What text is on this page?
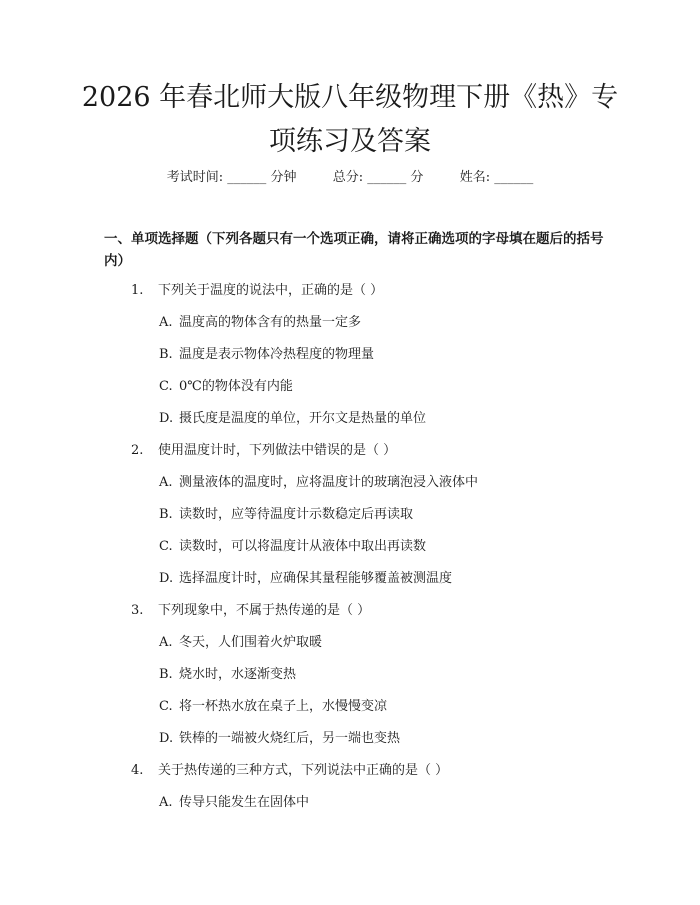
2026 年春北师大版八年级物理下册《热》专
项练习及答案
考试时间: ______ 分钟	总分: ______ 分	姓名: ______

一、单项选择题（下列各题只有一个选项正确，请将正确选项的字母填在题后的括号内）

1. 下列关于温度的说法中，正确的是（ ）
A. 温度高的物体含有的热量一定多
B. 温度是表示物体冷热程度的物理量
C. 0℃的物体没有内能
D. 摄氏度是温度的单位，开尔文是热量的单位
2. 使用温度计时，下列做法中错误的是（ ）
A. 测量液体的温度时，应将温度计的玻璃泡浸入液体中
B. 读数时，应等待温度计示数稳定后再读取
C. 读数时，可以将温度计从液体中取出再读数
D. 选择温度计时，应确保其量程能够覆盖被测温度
3. 下列现象中，不属于热传递的是（ ）
A. 冬天，人们围着火炉取暖
B. 烧水时，水逐渐变热
C. 将一杯热水放在桌子上，水慢慢变凉
D. 铁棒的一端被火烧红后，另一端也变热
4. 关于热传递的三种方式，下列说法中正确的是（ ）
A. 传导只能发生在固体中
